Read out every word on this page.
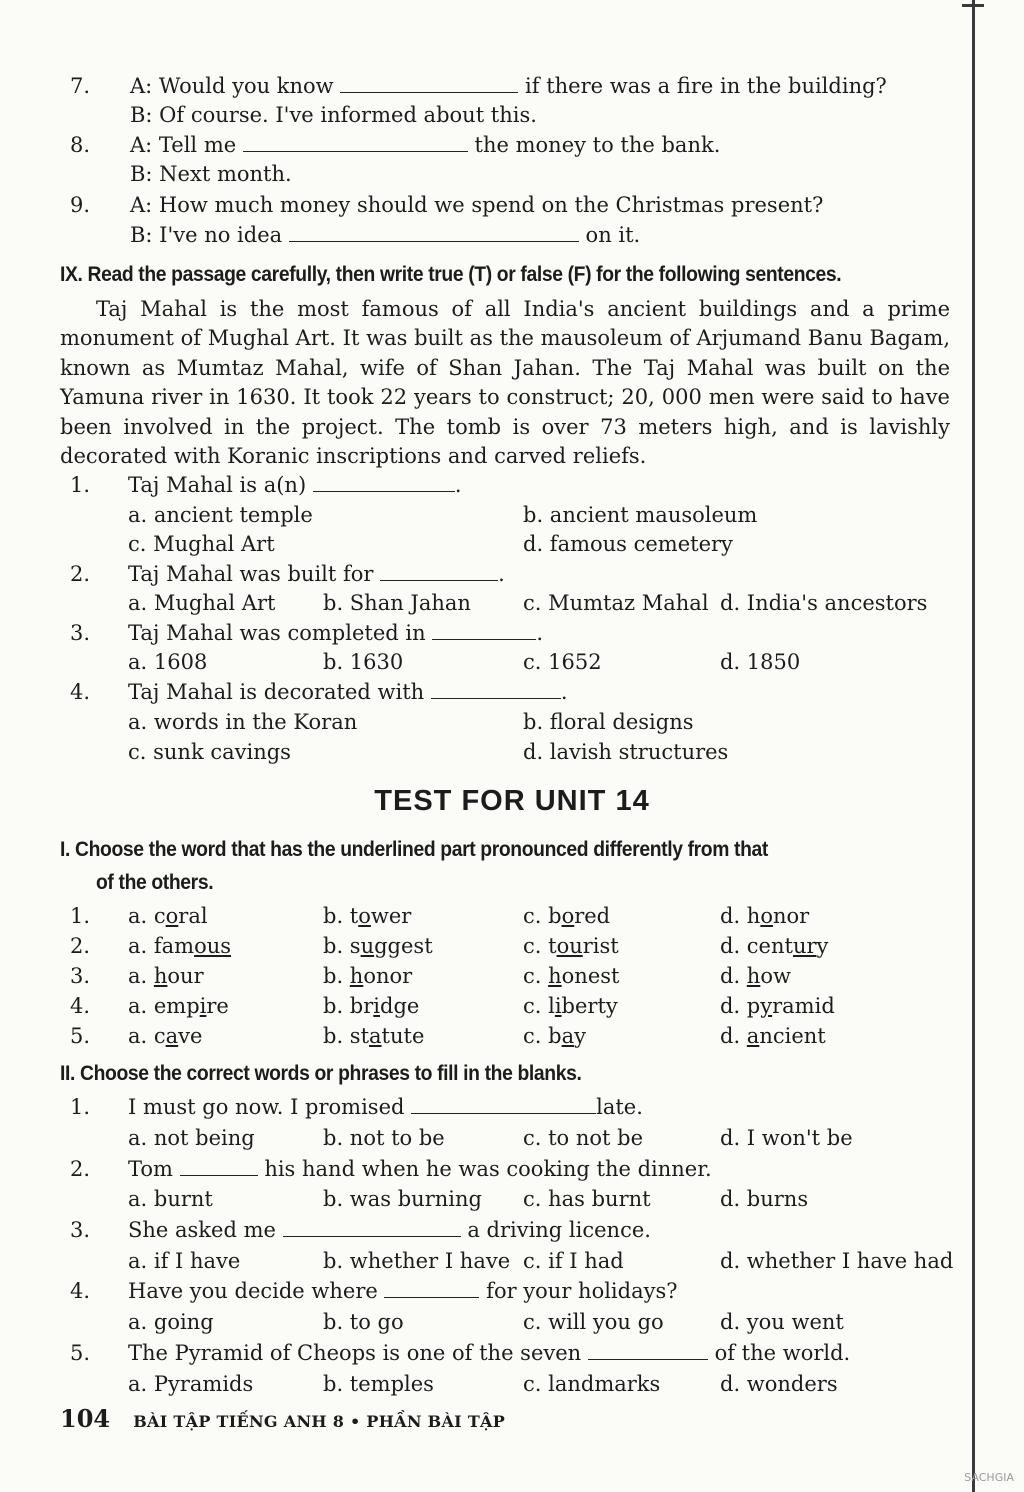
7. A: Would you know	if there was a fire in the building?
B: Of course. I've informed about this.
8. A: Tell me	the money to the bank.
B: Next month.
9. A: How much money should we spend on the Christmas present?
B: I've no idea	on it.
IX. Read the passage carefully, then write true (T) or false (F) for the following sentences.
Taj Mahal is the most famous of all India's ancient buildings and a prime monument of Mughal Art. It was built as the mausoleum of Arjumand Banu Bagam, known as Mumtaz Mahal, wife of Shan Jahan. The Taj Mahal was built on the Yamuna river in 1630. It took 22 years to construct; 20, 000 men were said to have been involved in the project. The tomb is over 73 meters high, and is lavishly decorated with Koranic inscriptions and carved reliefs.
1. Taj Mahal is a(n)	.
a. ancient temple	b. ancient mausoleum
c. Mughal Art	d. famous cemetery
2. Taj Mahal was built for	.
a. Mughal Art b. Shan Jahan c. Mumtaz Mahal d. India's ancestors
3. Taj Mahal was completed in	.
a. 1608	b. 1630	c. 1652	d. 1850
4. Taj Mahal is decorated with	.
a. words in the Koran	b. floral designs
c. sunk cavings	d. lavish structures
TEST FOR UNIT 14
I. Choose the word that has the underlined part pronounced differently from that
of the others.
1. a. coral	b. tower	c. bored	d. honor
2. a. famous	b. suggest	c. tourist	d. century
3. a. hour	b. honor	c. honest	d. how
4. a. empire	b. bridge	c. liberty	d. pyramid
5. a. cave	b. statute	c. bay	d. ancient
II. Choose the correct words or phrases to fill in the blanks.
1. I must go now. I promised	late.
2. Tom	his hand when he was cooking the dinner.
3. She asked me	a driving licence.
4. Have you decide where	for your holidays?
5. The Pyramid of Cheops is one of the seven	of the world.
a. not being	b. not to be	c. to not be	d. I won't be
a. burnt	b. was burning c. has burnt	d. burns
a. if I have	b. whether I have c. if I had	d. whether I have had
a. going	b. to go	c. will you go	d. you went
a. Pyramids	b. temples	c. landmarks	d. wonders
104 BÀI TẬP TIẾNG ANH 8 • PHẦN BÀI TẬP
SACHGIA
